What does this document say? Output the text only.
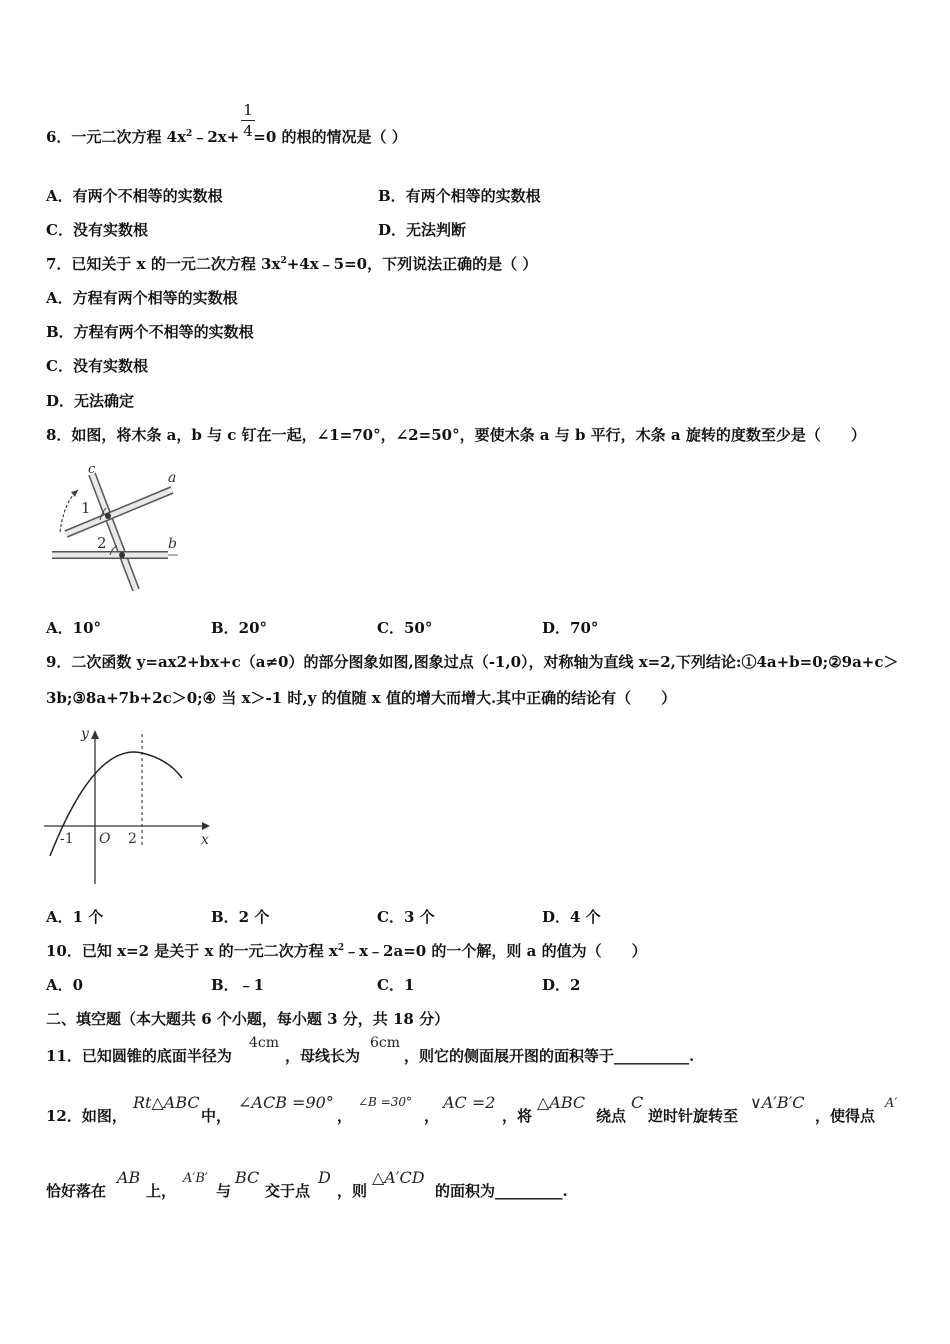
1
4
6．一元二次方程 $4x^2﹣2x+ =0$ 的根的情况是（ ）
A．有两个不相等的实数根	B．有两个相等的实数根
C．没有实数根	D．无法判断
7．已知关于 x 的一元二次方程 $3x^2+4x﹣5=0$，下列说法正确的是（ ）
A．方程有两个相等的实数根
B．方程有两个不相等的实数根
C．没有实数根
D．无法确定
8．如图，将木条 a，b 与 c 钉在一起，∠1=70°，∠2=50°，要使木条 a 与 b 平行，木条 a 旋转的度数至少是（　　）
c
a
b
1
2
A．10°	B．20°	C．50°	D．70°
9．二次函数 y=ax2+bx+c（a≠0）的部分图象如图,图象过点（-1,0），对称轴为直线 x=2,下列结论:①4a+b=0;②9a+c＞
3b;③8a+7b+2c＞0;④ 当 x＞-1 时,y 的值随 x 值的增大而增大.其中正确的结论有（　　）
y
x
-1 O 2
A．1 个	B．2 个	C．3 个	D．4 个
10．已知 x=2 是关于 x 的一元二次方程 $x^2﹣x﹣2a=0$ 的一个解，则 a 的值为（　　）
A．0	B．﹣1	C．1	D．2
二、填空题（本大题共 6 个小题，每小题 3 分，共 18 分）
11．已知圆锥的底面半径为
4cm
，母线长为
6cm
，则它的侧面展开图的面积等于__________.
12．如图，
Rt△ABC
中，
∠ACB =90°
，
∠B =30°
，
AC =2
，将
△ABC
绕点
C
逆时针旋转至
∨A′B′C
，使得点
A′
恰好落在
AB
上，
A′B′
与
BC
交于点
D
，则
△A′CD
的面积为_________.
